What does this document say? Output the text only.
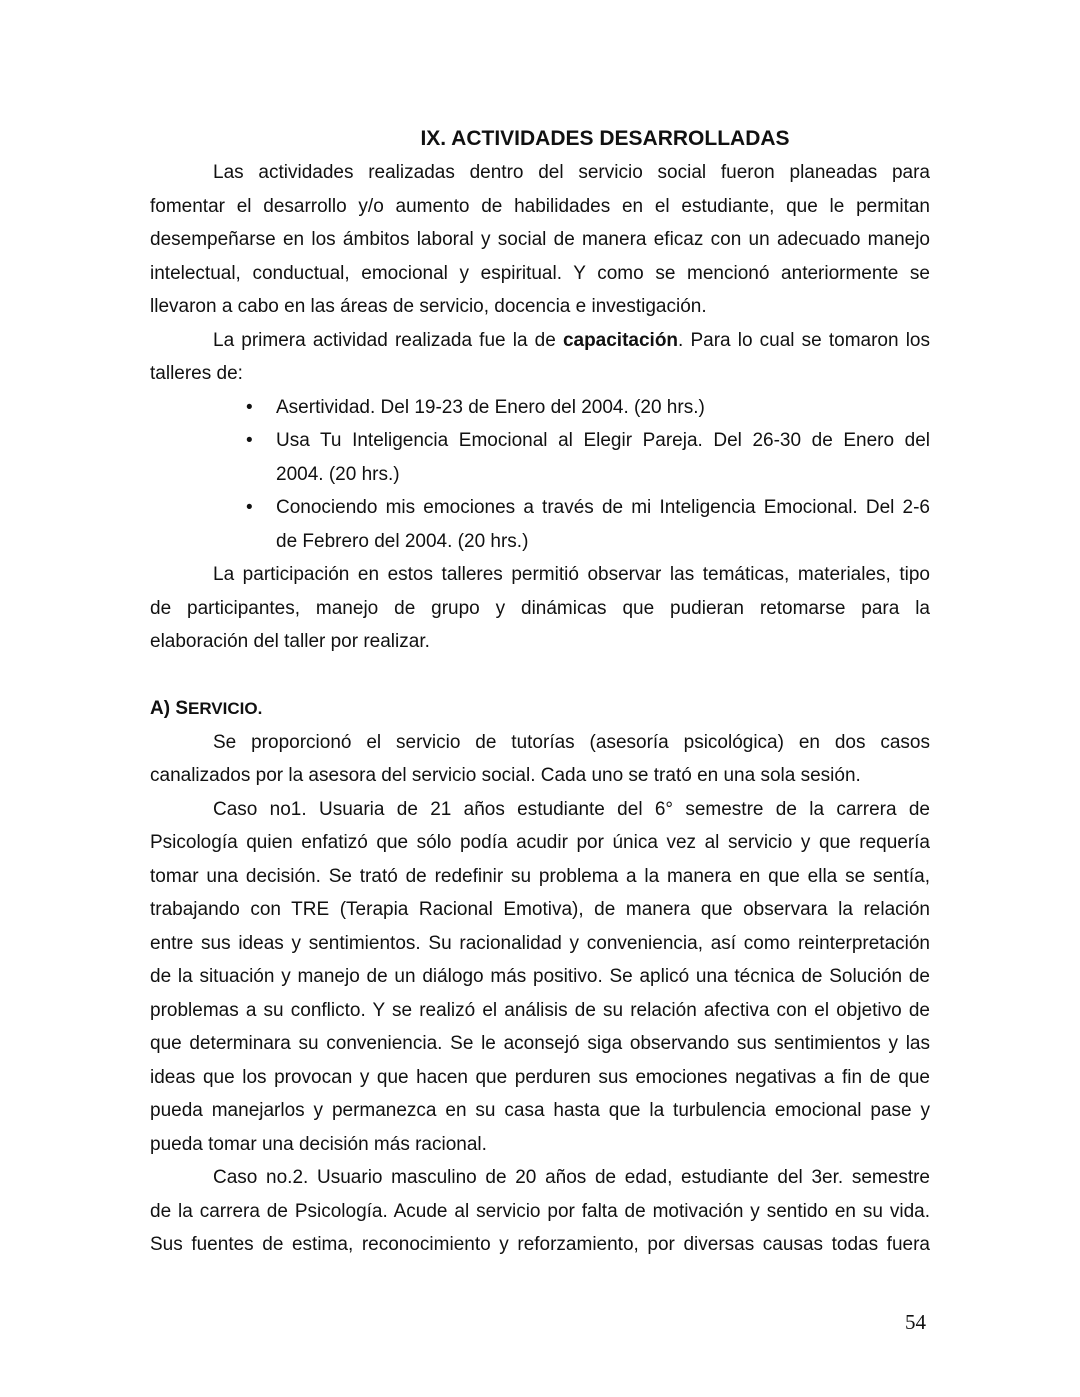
IX. ACTIVIDADES DESARROLLADAS
Las actividades realizadas dentro del servicio social fueron planeadas para
fomentar el desarrollo y/o aumento de habilidades en el estudiante, que le permitan
desempeñarse en los ámbitos laboral y social de manera eficaz con un adecuado manejo
intelectual, conductual, emocional y espiritual. Y como se mencionó anteriormente se
llevaron a cabo en las áreas de servicio, docencia e investigación.
La primera actividad realizada fue la de capacitación. Para lo cual se tomaron los
talleres de:
• Asertividad. Del 19-23 de Enero del 2004. (20 hrs.)
• Usa Tu Inteligencia Emocional al Elegir Pareja. Del 26-30 de Enero del
2004. (20 hrs.)
• Conociendo mis emociones a través de mi Inteligencia Emocional. Del 2-6
de Febrero del 2004. (20 hrs.)
La participación en estos talleres permitió observar las temáticas, materiales, tipo
de participantes, manejo de grupo y dinámicas que pudieran retomarse para la
elaboración del taller por realizar.
A) SERVICIO.
Se proporcionó el servicio de tutorías (asesoría psicológica) en dos casos
canalizados por la asesora del servicio social. Cada uno se trató en una sola sesión.
Caso no1. Usuaria de 21 años estudiante del 6° semestre de la carrera de
Psicología quien enfatizó que sólo podía acudir por única vez al servicio y que requería
tomar una decisión. Se trató de redefinir su problema a la manera en que ella se sentía,
trabajando con TRE (Terapia Racional Emotiva), de manera que observara la relación
entre sus ideas y sentimientos. Su racionalidad y conveniencia, así como reinterpretación
de la situación y manejo de un diálogo más positivo. Se aplicó una técnica de Solución de
problemas a su conflicto. Y se realizó el análisis de su relación afectiva con el objetivo de
que determinara su conveniencia. Se le aconsejó siga observando sus sentimientos y las
ideas que los provocan y que hacen que perduren sus emociones negativas a fin de que
pueda manejarlos y permanezca en su casa hasta que la turbulencia emocional pase y
pueda tomar una decisión más racional.
Caso no.2. Usuario masculino de 20 años de edad, estudiante del 3er. semestre
de la carrera de Psicología. Acude al servicio por falta de motivación y sentido en su vida.
Sus fuentes de estima, reconocimiento y reforzamiento, por diversas causas todas fuera
54
